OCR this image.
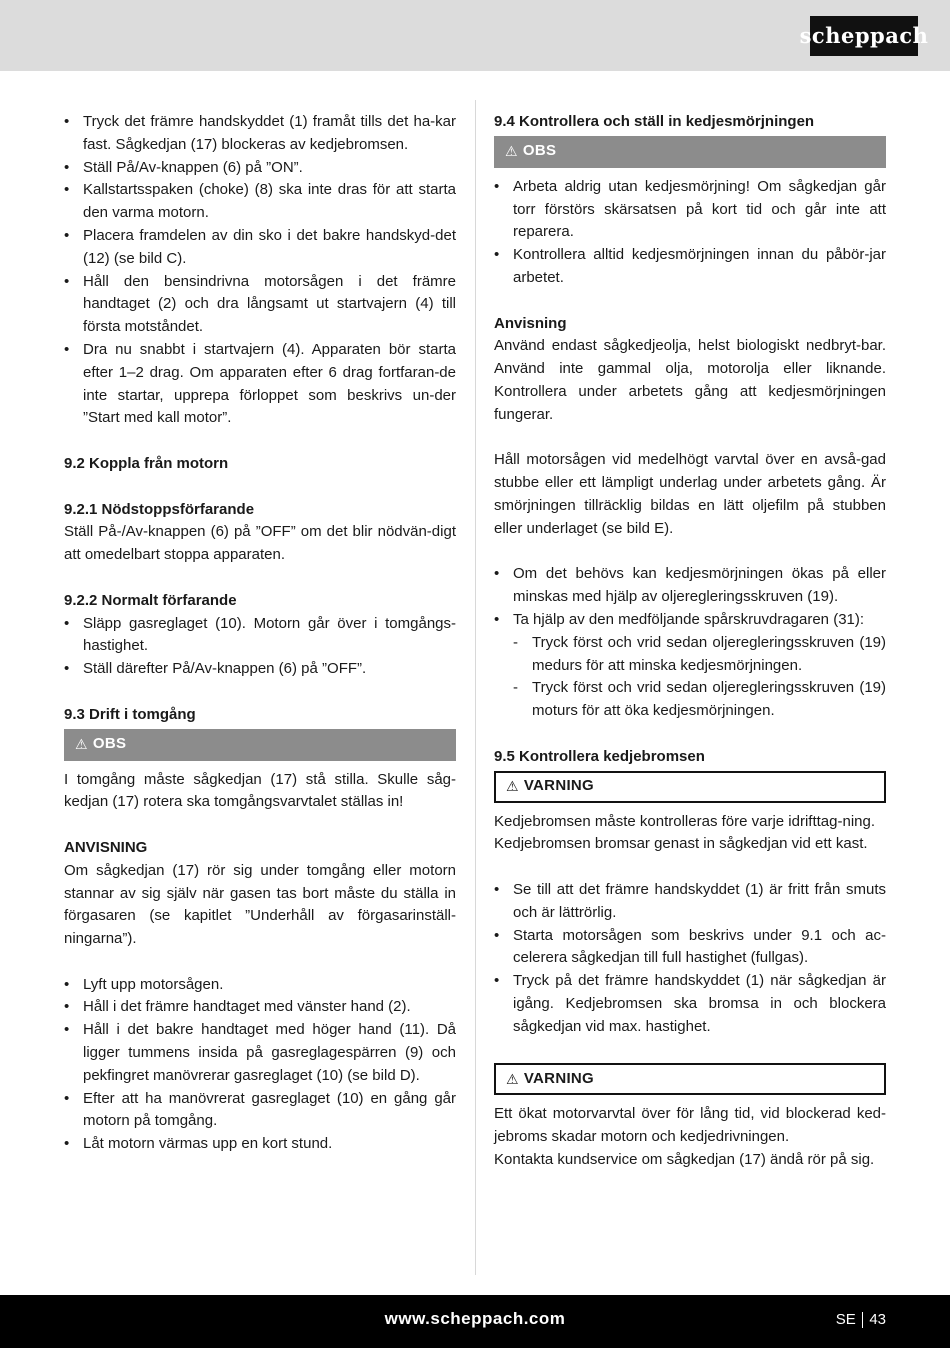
scheppach
• Tryck det främre handskyddet (1) framåt tills det ha-kar fast. Sågkedjan (17) blockeras av kedjebromsen.
• Ställ På/Av-knappen (6) på ”ON”.
• Kallstartsspaken (choke) (8) ska inte dras för att starta den varma motorn.
• Placera framdelen av din sko i det bakre handskyd-det (12) (se bild C).
• Håll den bensindrivna motorsågen i det främre handtaget (2) och dra långsamt ut startvajern (4) till första motståndet.
• Dra nu snabbt i startvajern (4). Apparaten bör starta efter 1–2 drag. Om apparaten efter 6 drag fortfaran-de inte startar, upprepa förloppet som beskrivs un-der ”Start med kall motor”.

9.2 Koppla från motorn

9.2.1 Nödstoppsförfarande

Ställ På-/Av-knappen (6) på ”OFF” om det blir nödvän-digt att omedelbart stoppa apparaten.

9.2.2 Normalt förfarande

• Släpp gasreglaget (10). Motorn går över i tomgångs-hastighet.
• Ställ därefter På/Av-knappen (6) på ”OFF”.

9.3 Drift i tomgång

⚠ OBS

I tomgång måste sågkedjan (17) stå stilla. Skulle såg-kedjan (17) rotera ska tomgångsvarvtalet ställas in!

ANVISNING

Om sågkedjan (17) rör sig under tomgång eller motorn stannar av sig själv när gasen tas bort måste du ställa in förgasaren (se kapitlet ”Underhåll av förgasarinställ-ningarna”).

• Lyft upp motorsågen.
• Håll i det främre handtaget med vänster hand (2).
• Håll i det bakre handtaget med höger hand (11). Då ligger tummens insida på gasreglagespärren (9) och pekfingret manövrerar gasreglaget (10) (se bild D).
• Efter att ha manövrerat gasreglaget (10) en gång går motorn på tomgång.
• Låt motorn värmas upp en kort stund.

9.4 Kontrollera och ställ in kedjesmörjningen

⚠ OBS
• Arbeta aldrig utan kedjesmörjning! Om sågkedjan går torr förstörs skärsatsen på kort tid och går inte att reparera.
• Kontrollera alltid kedjesmörjningen innan du påbör-jar arbetet.

Anvisning

Använd endast sågkedjeolja, helst biologiskt nedbryt-bar. Använd inte gammal olja, motorolja eller liknande. Kontrollera under arbetets gång att kedjesmörjningen fungerar.

Håll motorsågen vid medelhögt varvtal över en avså-gad stubbe eller ett lämpligt underlag under arbetets gång. Är smörjningen tillräcklig bildas en lätt oljefilm på stubben eller underlaget (se bild E).

• Om det behövs kan kedjesmörjningen ökas på eller minskas med hjälp av oljeregleringsskruven (19).
• Ta hjälp av den medföljande spårskruvdragaren (31):
- Tryck först och vrid sedan oljeregleringsskruven (19) medurs för att minska kedjesmörjningen.
- Tryck först och vrid sedan oljeregleringsskruven (19) moturs för att öka kedjesmörjningen.

9.5 Kontrollera kedjebromsen

⚠ VARNING

Kedjebromsen måste kontrolleras före varje idrifttag-ning.

Kedjebromsen bromsar genast in sågkedjan vid ett kast.

• Se till att det främre handskyddet (1) är fritt från smuts och är lättrörlig.
• Starta motorsågen som beskrivs under 9.1 och ac-celerera sågkedjan till full hastighet (fullgas).
• Tryck på det främre handskyddet (1) när sågkedjan är igång. Kedjebromsen ska bromsa in och blockera sågkedjan vid max. hastighet.
⚠ VARNING

Ett ökat motorvarvtal över för lång tid, vid blockerad ked-jebroms skadar motorn och kedjedrivningen.

Kontakta kundservice om sågkedjan (17) ändå rör på sig.

www.scheppach.com	SE 43
